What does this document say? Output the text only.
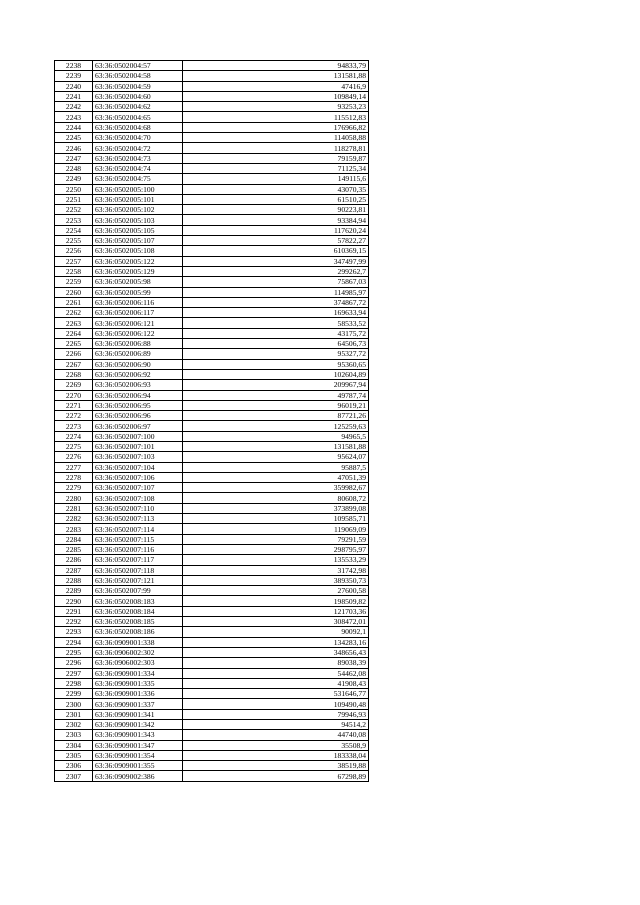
2238	63:36:0502004:57	94833,79
2239	63:36:0502004:58	131581,88
2240	63:36:0502004:59	47416,9
2241	63:36:0502004:60	109849,14
2242	63:36:0502004:62	93253,23
2243	63:36:0502004:65	115512,83
2244	63:36:0502004:68	176966,82
2245	63:36:0502004:70	114058,88
2246	63:36:0502004:72	118278,81
2247	63:36:0502004:73	79159,87
2248	63:36:0502004:74	71125,34
2249	63:36:0502004:75	149115,6
2250	63:36:0502005:100	43070,35
2251	63:36:0502005:101	61510,25
2252	63:36:0502005:102	90223,81
2253	63:36:0502005:103	93384,94
2254	63:36:0502005:105	117620,24
2255	63:36:0502005:107	57822,27
2256	63:36:0502005:108	610369,15
2257	63:36:0502005:122	347497,99
2258	63:36:0502005:129	299262,7
2259	63:36:0502005:98	75867,03
2260	63:36:0502005:99	114985,97
2261	63:36:0502006:116	374867,72
2262	63:36:0502006:117	169633,94
2263	63:36:0502006:121	58533,52
2264	63:36:0502006:122	43175,72
2265	63:36:0502006:88	64506,73
2266	63:36:0502006:89	95327,72
2267	63:36:0502006:90	95360,65
2268	63:36:0502006:92	102604,89
2269	63:36:0502006:93	209967,94
2270	63:36:0502006:94	49787,74
2271	63:36:0502006:95	96019,21
2272	63:36:0502006:96	87721,26
2273	63:36:0502006:97	125259,63
2274	63:36:0502007:100	94965,5
2275	63:36:0502007:101	131581,88
2276	63:36:0502007:103	95624,07
2277	63:36:0502007:104	95887,5
2278	63:36:0502007:106	47051,39
2279	63:36:0502007:107	359982,67
2280	63:36:0502007:108	80608,72
2281	63:36:0502007:110	373899,08
2282	63:36:0502007:113	109585,71
2283	63:36:0502007:114	119069,09
2284	63:36:0502007:115	79291,59
2285	63:36:0502007:116	298795,97
2286	63:36:0502007:117	135533,29
2287	63:36:0502007:118	31742,98
2288	63:36:0502007:121	389350,73
2289	63:36:0502007:99	27600,58
2290	63:36:0502008:183	198509,82
2291	63:36:0502008:184	121703,36
2292	63:36:0502008:185	308472,01
2293	63:36:0502008:186	90092,1
2294	63:36:0909001:338	134283,16
2295	63:36:0906002:302	348656,43
2296	63:36:0906002:303	89038,39
2297	63:36:0909001:334	54462,08
2298	63:36:0909001:335	41908,43
2299	63:36:0909001:336	531646,77
2300	63:36:0909001:337	109490,48
2301	63:36:0909001:341	79946,93
2302	63:36:0909001:342	94514,2
2303	63:36:0909001:343	44740,08
2304	63:36:0909001:347	35508,9
2305	63:36:0909001:354	183338,04
2306	63:36:0909001:355	38519,88
2307	63:36:0909002:386	67298,89
